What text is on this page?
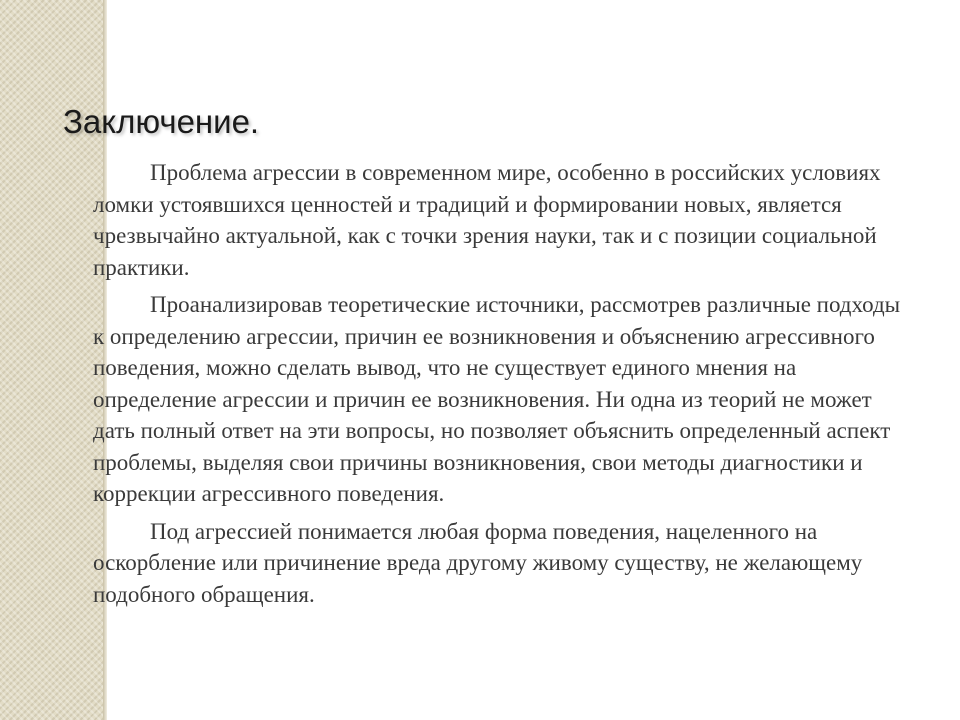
Заключение.

Проблема агрессии в современном мире, особенно в российских условиях ломки устоявшихся ценностей и традиций и формировании новых, является чрезвычайно актуальной, как с точки зрения науки, так и с позиции социальной практики.

Проанализировав теоретические источники, рассмотрев различные подходы к определению агрессии, причин ее возникновения и объяснению агрессивного поведения, можно сделать вывод, что не существует единого мнения на определение агрессии и причин ее возникновения. Ни одна из теорий не может дать полный ответ на эти вопросы, но позволяет объяснить определенный аспект проблемы, выделяя свои причины возникновения, свои методы диагностики и коррекции агрессивного поведения.

Под агрессией понимается любая форма поведения, нацеленного на оскорбление или причинение вреда другому живому существу, не желающему подобного обращения.
